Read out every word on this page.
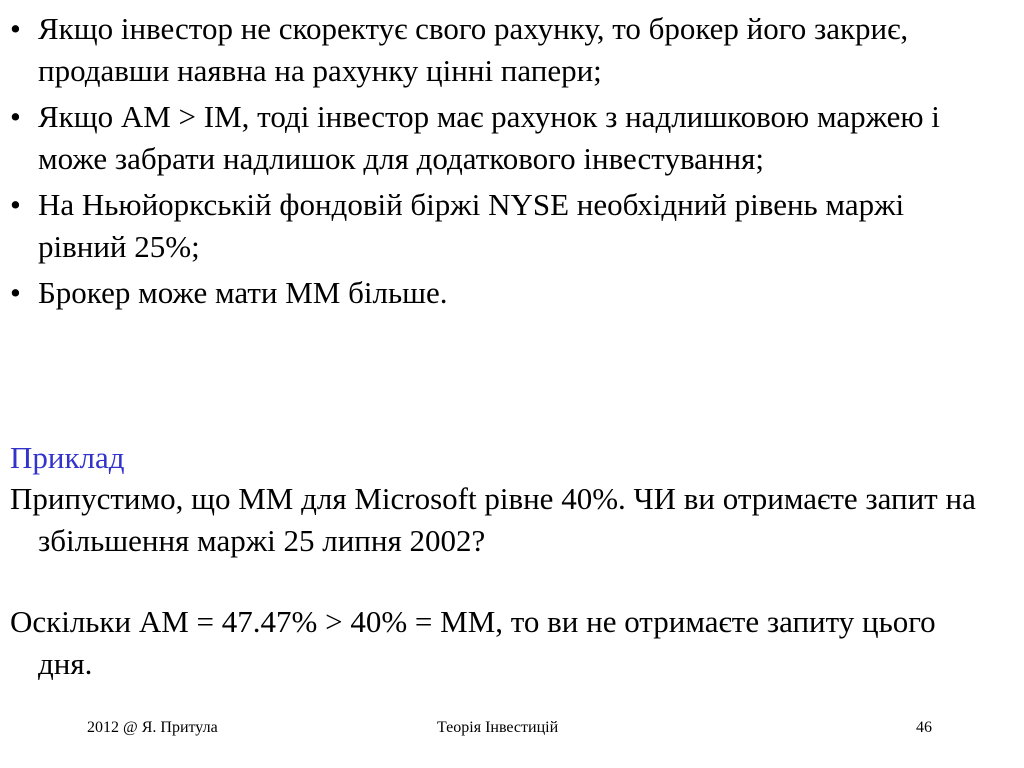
• Якщо інвестор не скоректує свого рахунку, то брокер його закриє, продавши наявна на рахунку цінні папери;
• Якщо AM > IM, тоді інвестор має рахунок з надлишковою маржею і може забрати надлишок для додаткового інвестування;
• На Ньюйоркській фондовій біржі NYSE необхідний рівень маржі рівний 25%;
• Брокер може мати MM більше.

Приклад

Припустимо, що MM для Microsoft рівне 40%. ЧИ ви отримаєте запит на збільшення маржі 25 липня 2002?

Оскільки AM = 47.47% > 40% = MM, то ви не отримаєте запиту цього дня.

2012 @ Я. Притула	Теорія Інвестицій	46
